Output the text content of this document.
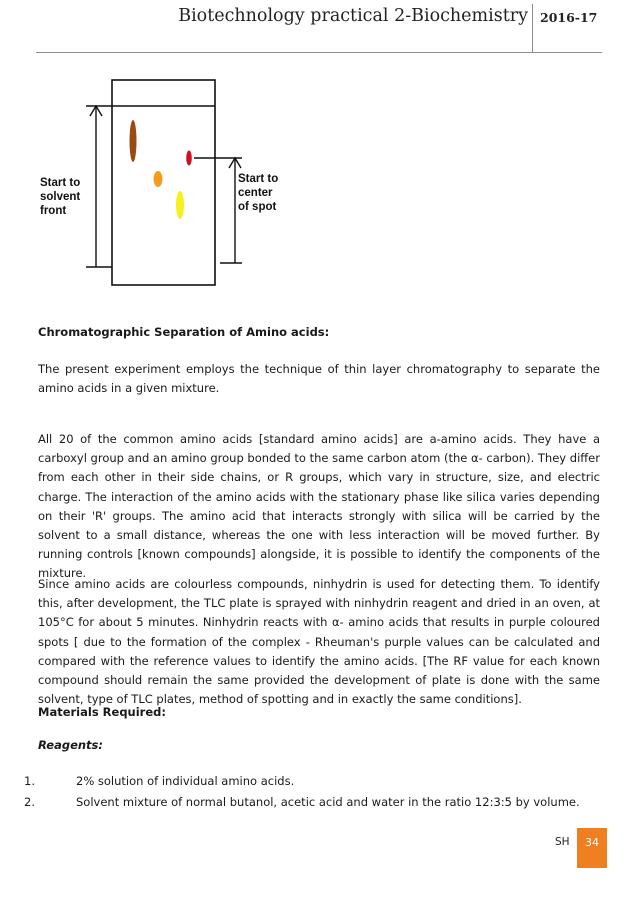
Biotechnology practical 2-Biochemistry 2016-17
Start to
solvent
front
Start to
center
of spot
Chromatographic Separation of Amino acids:
The present experiment employs the technique of thin layer chromatography to separate the amino acids in a given mixture.
All 20 of the common amino acids [standard amino acids] are a-amino acids. They have a carboxyl group and an amino group bonded to the same carbon atom (the α- carbon). They differ from each other in their side chains, or R groups, which vary in structure, size, and electric charge. The interaction of the amino acids with the stationary phase like silica varies depending on their 'R' groups. The amino acid that interacts strongly with silica will be carried by the solvent to a small distance, whereas the one with less interaction will be moved further. By running controls [known compounds] alongside, it is possible to identify the components of the mixture.
Since amino acids are colourless compounds, ninhydrin is used for detecting them. To identify this, after development, the TLC plate is sprayed with ninhydrin reagent and dried in an oven, at 105°C for about 5 minutes. Ninhydrin reacts with α- amino acids that results in purple coloured spots [ due to the formation of the complex - Rheuman's purple values can be calculated and compared with the reference values to identify the amino acids. [The RF value for each known compound should remain the same provided the development of plate is done with the same solvent, type of TLC plates, method of spotting and in exactly the same conditions].
Materials Required:
Reagents:
1.	2% solution of individual amino acids.
2.	Solvent mixture of normal butanol, acetic acid and water in the ratio 12:3:5 by volume.
SH	34
